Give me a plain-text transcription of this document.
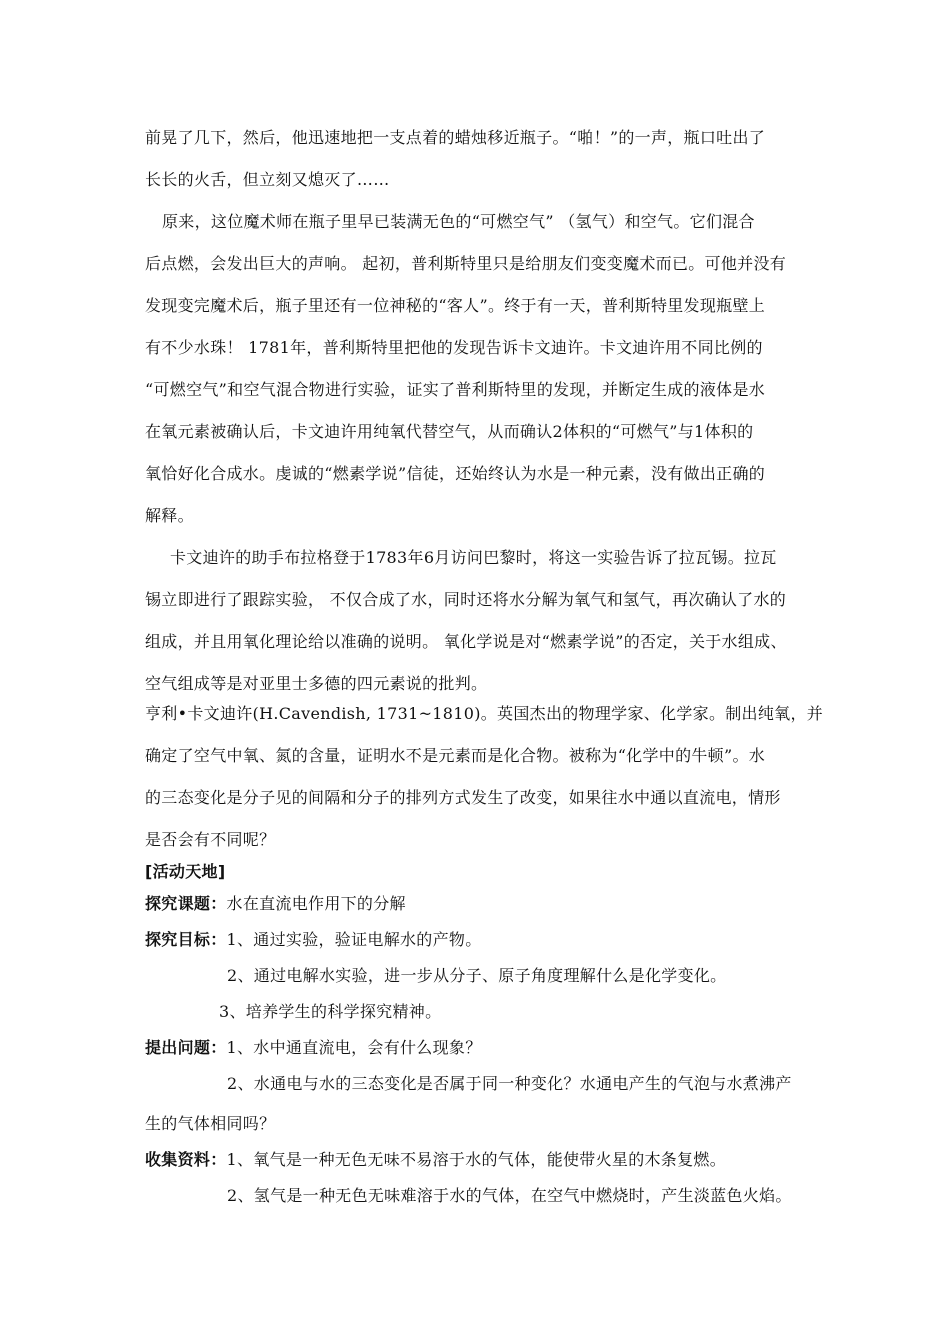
前晃了几下，然后，他迅速地把一支点着的蜡烛移近瓶子。“啪！”的一声，瓶口吐出了
长长的火舌，但立刻又熄灭了……
原来，这位魔术师在瓶子里早已装满无色的“可燃空气” （氢气）和空气。它们混合
后点燃，会发出巨大的声响。 起初，普利斯特里只是给朋友们变变魔术而已。可他并没有
发现变完魔术后，瓶子里还有一位神秘的“客人”。终于有一天，普利斯特里发现瓶壁上
有不少水珠！ 1781年，普利斯特里把他的发现告诉卡文迪许。卡文迪许用不同比例的
“可燃空气”和空气混合物进行实验，证实了普利斯特里的发现，并断定生成的液体是水
在氧元素被确认后，卡文迪许用纯氧代替空气，从而确认2体积的“可燃气”与1体积的
氧恰好化合成水。虔诚的“燃素学说”信徒，还始终认为水是一种元素，没有做出正确的
解释。
卡文迪许的助手布拉格登于1783年6月访问巴黎时，将这一实验告诉了拉瓦锡。拉瓦
锡立即进行了跟踪实验， 不仅合成了水，同时还将水分解为氧气和氢气，再次确认了水的
组成，并且用氧化理论给以准确的说明。 氧化学说是对“燃素学说”的否定，关于水组成、
空气组成等是对亚里士多德的四元素说的批判。
亨利•卡文迪许(H.Cavendish, 1731~1810)。英国杰出的物理学家、化学家。制出纯氧，并
确定了空气中氧、氮的含量，证明水不是元素而是化合物。被称为“化学中的牛顿”。水
的三态变化是分子见的间隔和分子的排列方式发生了改变，如果往水中通以直流电，情形
是否会有不同呢？
[活动天地]
探究课题：水在直流电作用下的分解
探究目标：1、通过实验，验证电解水的产物。
2、通过电解水实验，进一步从分子、原子角度理解什么是化学变化。
3、培养学生的科学探究精神。
提出问题：1、水中通直流电，会有什么现象？
2、水通电与水的三态变化是否属于同一种变化？水通电产生的气泡与水煮沸产
生的气体相同吗？
收集资料：1、氧气是一种无色无味不易溶于水的气体，能使带火星的木条复燃。
2、氢气是一种无色无味难溶于水的气体，在空气中燃烧时，产生淡蓝色火焰。
